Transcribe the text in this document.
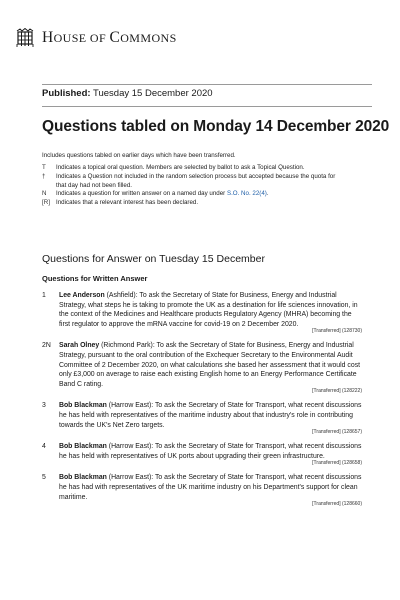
HOUSE OF COMMONS
Published: Tuesday 15 December 2020
Questions tabled on Monday 14 December 2020
Includes questions tabled on earlier days which have been transferred.
T	Indicates a topical oral question. Members are selected by ballot to ask a Topical Question.
†	Indicates a Question not included in the random selection process but accepted because the quota for that day had not been filled.
N	Indicates a question for written answer on a named day under S.O. No. 22(4).
[R] Indicates that a relevant interest has been declared.
Questions for Answer on Tuesday 15 December
Questions for Written Answer
1	Lee Anderson (Ashfield): To ask the Secretary of State for Business, Energy and Industrial Strategy, what steps he is taking to promote the UK as a destination for life sciences innovation, in the context of the Medicines and Healthcare products Regulatory Agency (MHRA) becoming the first regulator to approve the mRNA vaccine for covid-19 on 2 December 2020.
[Transferred] (128730)
2N	Sarah Olney (Richmond Park): To ask the Secretary of State for Business, Energy and Industrial Strategy, pursuant to the oral contribution of the Exchequer Secretary to the Environmental Audit Committee of 2 December 2020, on what calculations she based her assessment that it would cost only £3,000 on average to raise each existing English home to an Energy Performance Certificate Band C rating.
[Transferred] (128222)
3	Bob Blackman (Harrow East): To ask the Secretary of State for Transport, what recent discussions he has held with representatives of the maritime industry about that industry's role in contributing towards the UK's Net Zero targets.
[Transferred] (128657)
4	Bob Blackman (Harrow East): To ask the Secretary of State for Transport, what recent discussions he has held with representatives of UK ports about upgrading their green infrastructure.
[Transferred] (128658)
5	Bob Blackman (Harrow East): To ask the Secretary of State for Transport, what recent discussions he has had with representatives of the UK maritime industry on his Department's support for clean maritime.
[Transferred] (128660)
